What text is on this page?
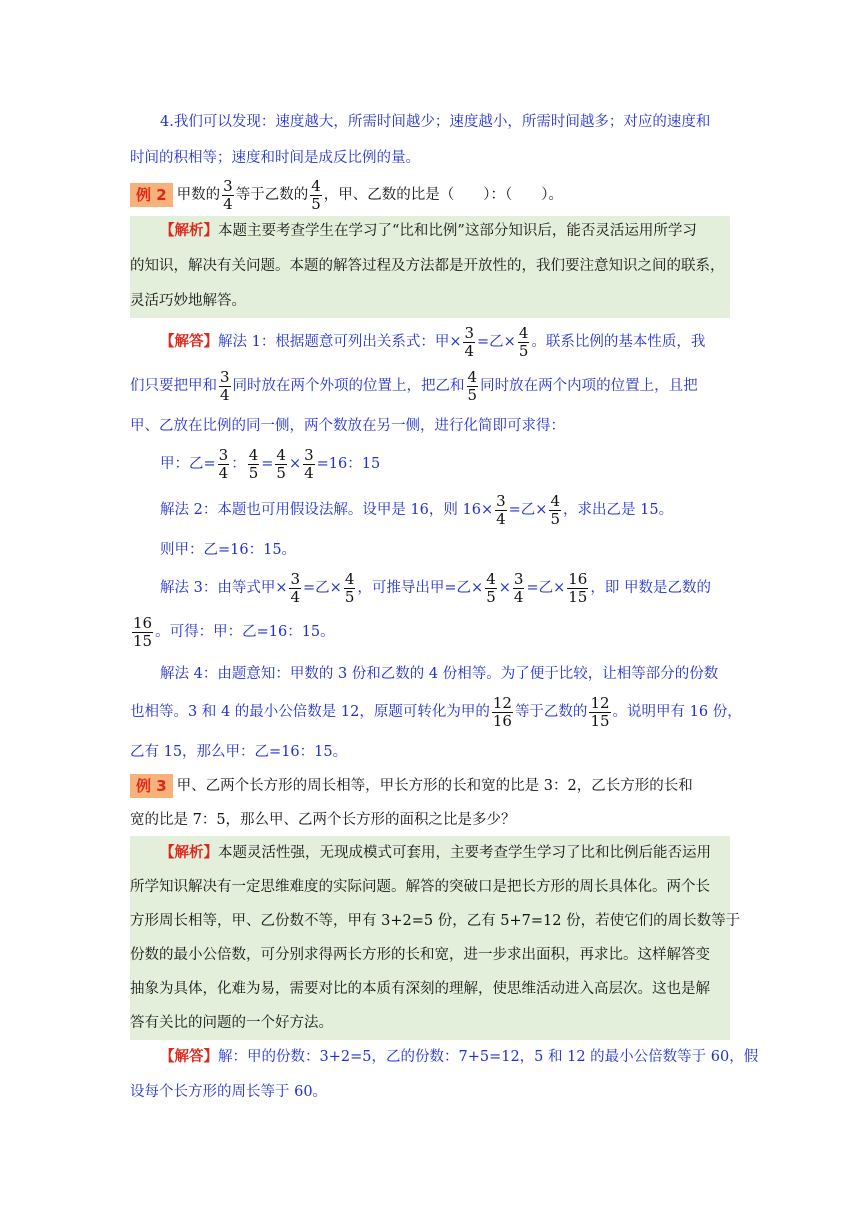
4.我们可以发现：速度越大，所需时间越少；速度越小，所需时间越多；对应的速度和
时间的积相等；速度和时间是成反比例的量。
例 2 甲数的 $\frac{3}{4}$ 等于乙数的 $\frac{4}{5}$ ，甲、乙数的比是（　　）：（　　）。
【解析】本题主要考查学生在学习了“比和比例”这部分知识后，能否灵活运用所学习
的知识，解决有关问题。本题的解答过程及方法都是开放性的，我们要注意知识之间的联系，
灵活巧妙地解答。
【解答】解法 1：根据题意可列出关系式：甲× $\frac{3}{4}$ =乙× $\frac{4}{5}$ 。联系比例的基本性质，我
们只要把甲和 $\frac{3}{4}$ 同时放在两个外项的位置上，把乙和 $\frac{4}{5}$ 同时放在两个内项的位置上，且把
甲、乙放在比例的同一侧，两个数放在另一侧，进行化简即可求得：
甲：乙= $\frac{3}{4}$ ： $\frac{4}{5} = \frac{4}{5} \times \frac{3}{4} =16$：15
解法 2：本题也可用假设法解。设甲是 16，则 $16\times \frac{3}{4}$ =乙× $\frac{4}{5}$ ，求出乙是 15。
则甲：乙=16：15。
解法 3：由等式甲× $\frac{3}{4}$ =乙× $\frac{4}{5}$ ，可推导出甲=乙× $\frac{4}{5} \times \frac{3}{4}$ =乙× $\frac{16}{15}$ ，即 甲数是乙数的
$\frac{16}{15}$ 。可得：甲：乙=16：15。
解法 4：由题意知：甲数的 3 份和乙数的 4 份相等。为了便于比较，让相等部分的份数
也相等。3 和 4 的最小公倍数是 12，原题可转化为甲的 $\frac{12}{16}$ 等于乙数的 $\frac{12}{15}$ 。说明甲有 16 份，
乙有 15，那么甲：乙=16：15。
例 3 甲、乙两个长方形的周长相等，甲长方形的长和宽的比是 3：2，乙长方形的长和
宽的比是 7：5，那么甲、乙两个长方形的面积之比是多少？
【解析】本题灵活性强，无现成模式可套用，主要考查学生学习了比和比例后能否运用
所学知识解决有一定思维难度的实际问题。解答的突破口是把长方形的周长具体化。两个长
方形周长相等，甲、乙份数不等，甲有 3+2=5 份，乙有 5+7=12 份，若使它们的周长数等于
份数的最小公倍数，可分别求得两长方形的长和宽，进一步求出面积，再求比。这样解答变
抽象为具体，化难为易，需要对比的本质有深刻的理解，使思维活动进入高层次。这也是解
答有关比的问题的一个好方法。
【解答】解：甲的份数：3+2=5，乙的份数：7+5=12，5 和 12 的最小公倍数等于 60，假
设每个长方形的周长等于 60。
